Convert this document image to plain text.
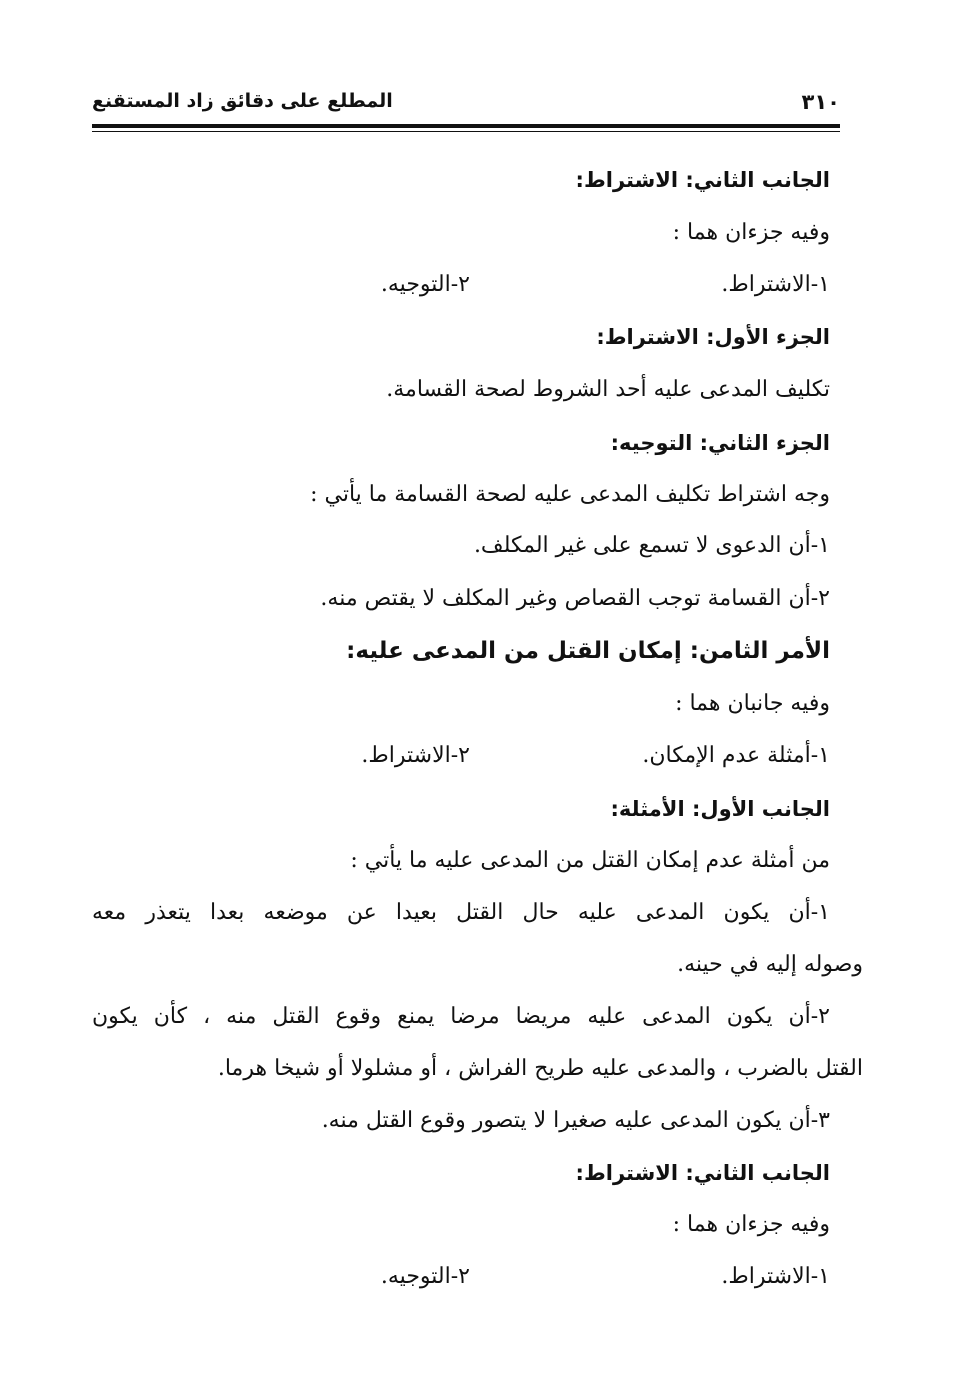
٣١٠
المطلع على دقائق زاد المستقنع
الجانب الثاني: الاشتراط:
وفيه جزءان هما :
١-الاشتراط.
٢-التوجيه.
الجزء الأول: الاشتراط:
تكليف المدعى عليه أحد الشروط لصحة القسامة.
الجزء الثاني: التوجيه:
وجه اشتراط تكليف المدعى عليه لصحة القسامة ما يأتي :
١-أن الدعوى لا تسمع على غير المكلف.
٢-أن القسامة توجب القصاص وغير المكلف لا يقتص منه.
الأمر الثامن: إمكان القتل من المدعى عليه:
وفيه جانبان هما :
١-أمثلة عدم الإمكان.
٢-الاشتراط.
الجانب الأول: الأمثلة:
من أمثلة عدم إمكان القتل من المدعى عليه ما يأتي :
١-أن يكون المدعى عليه حال القتل بعيدا عن موضعه بعدا يتعذر معه
وصوله إليه في حينه.
٢-أن يكون المدعى عليه مريضا مرضا يمنع وقوع القتل منه ، كأن يكون
القتل بالضرب ، والمدعى عليه طريح الفراش ، أو مشلولا أو شيخا هرما.
٣-أن يكون المدعى عليه صغيرا لا يتصور وقوع القتل منه.
الجانب الثاني: الاشتراط:
وفيه جزءان هما :
١-الاشتراط.
٢-التوجيه.
